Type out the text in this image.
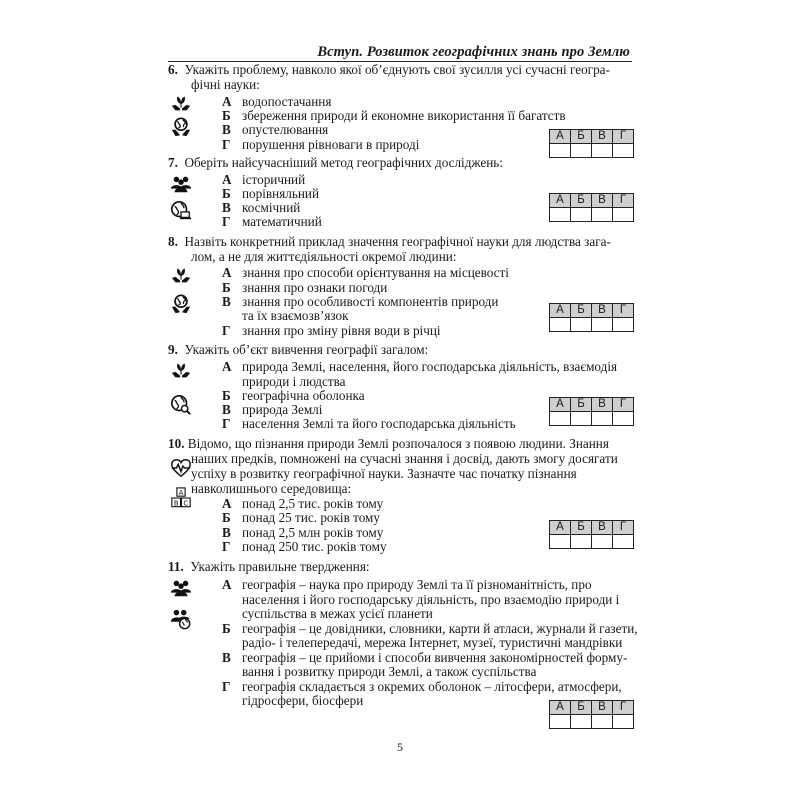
Вступ. Розвиток географічних знань про Землю
6. Укажіть проблему, навколо якої об’єднують свої зусилля усі сучасні геогра-
фічні науки:
А водопостачання
Б збереження природи й економне використання її багатств
В опустелювання
Г порушення рівноваги в природі
А	Б	В	Г

7. Оберіть найсучасніший метод географічних досліджень:
А історичний
Б порівняльний
В космічний
Г математичний
А	Б	В	Г

8. Назвіть конкретний приклад значення географічної науки для людства зага-
лом, а не для життєдіяльності окремої людини:
А знання про способи орієнтування на місцевості
Б знання про ознаки погоди
В знання про особливості компонентів природи
та їх взаємозв’язок
Г знання про зміну рівня води в річці
А	Б	В	Г

9. Укажіть об’єкт вивчення географії загалом:
А природа Землі, населення, його господарська діяльність, взаємодія
природи і людства
Б географічна оболонка
В природа Землі
Г населення Землі та його господарська діяльність
А	Б	В	Г

10. Відомо, що пізнання природи Землі розпочалося з появою людини. Знання
наших предків, помножені на сучасні знання і досвід, дають змогу досягати
успіху в розвитку географічної науки. Зазначте час початку пізнання
навколишнього середовища:
A
B C	А понад 2,5 тис. років тому
Б понад 25 тис. років тому
В понад 2,5 млн років тому
Г понад 250 тис. років тому
А	Б	В	Г

11. Укажіть правильне твердження:
А географія – наука про природу Землі та її різноманітність, про
населення і його господарську діяльність, про взаємодію природи і
суспільства в межах усієї планети
Б географія – це довідники, словники, карти й атласи, журнали й газети,
радіо- і телепередачі, мережа Інтернет, музеї, туристичні мандрівки
В географія – це прийоми і способи вивчення закономірностей форму-
вання і розвитку природи Землі, а також суспільства
Г географія складається з окремих оболонок – літосфери, атмосфери,
гідросфери, біосфери	А	Б	В	Г

5
